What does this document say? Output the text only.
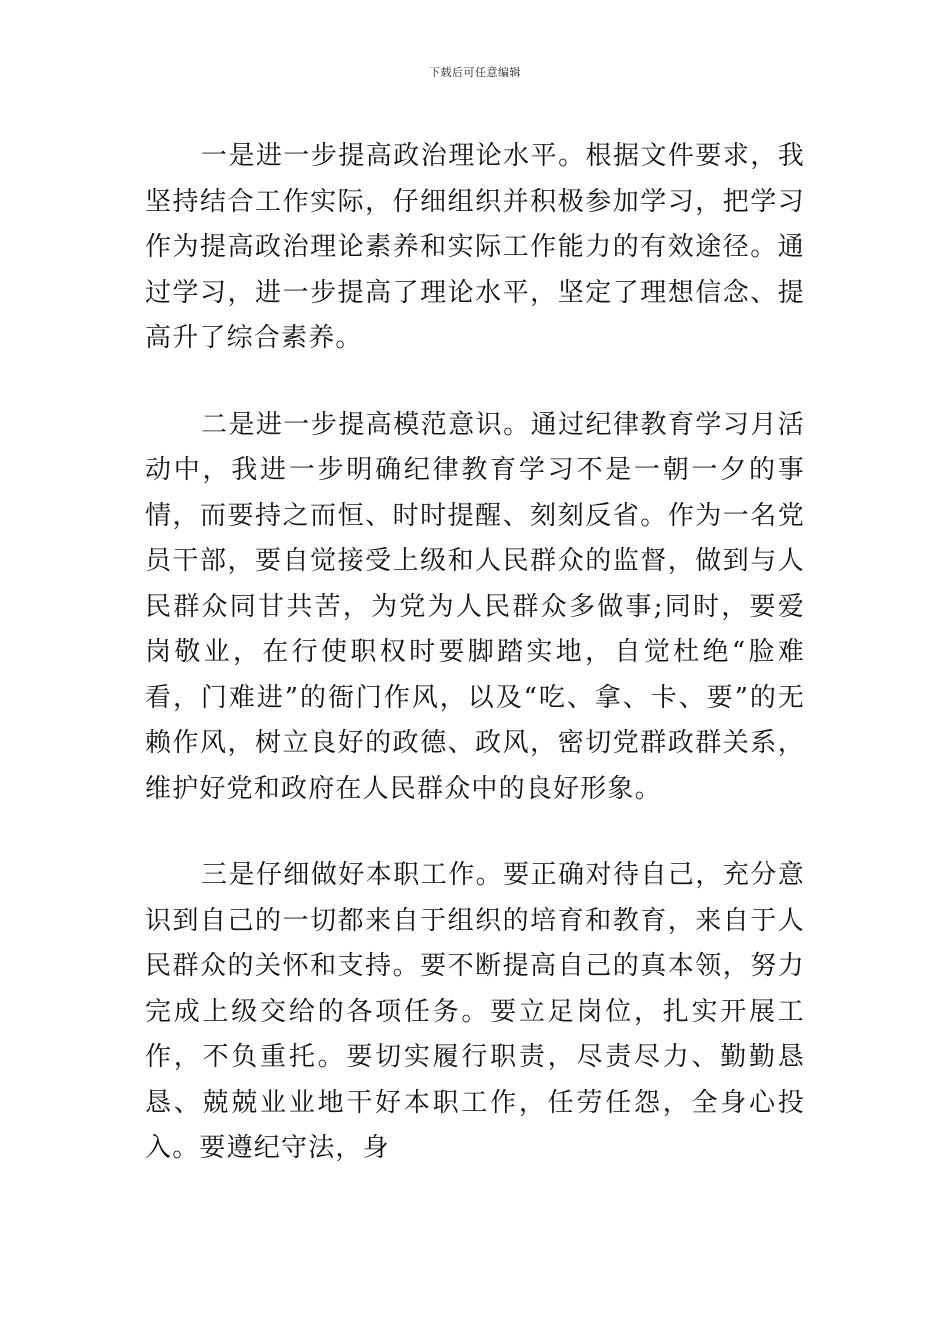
下载后可任意编辑

一是进一步提高政治理论水平。根据文件要求，我坚持结合工作实际，仔细组织并积极参加学习，把学习作为提高政治理论素养和实际工作能力的有效途径。通过学习，进一步提高了理论水平，坚定了理想信念、提高升了综合素养。

二是进一步提高模范意识。通过纪律教育学习月活动中，我进一步明确纪律教育学习不是一朝一夕的事情，而要持之而恒、时时提醒、刻刻反省。作为一名党员干部，要自觉接受上级和人民群众的监督，做到与人民群众同甘共苦，为党为人民群众多做事;同时，要爱岗敬业，在行使职权时要脚踏实地，自觉杜绝“脸难看，门难进”的衙门作风，以及“吃、拿、卡、要”的无赖作风，树立良好的政德、政风，密切党群政群关系，维护好党和政府在人民群众中的良好形象。

三是仔细做好本职工作。要正确对待自己，充分意识到自己的一切都来自于组织的培育和教育，来自于人民群众的关怀和支持。要不断提高自己的真本领，努力完成上级交给的各项任务。要立足岗位，扎实开展工作，不负重托。要切实履行职责，尽责尽力、勤勤恳恳、兢兢业业地干好本职工作，任劳任怨，全身心投入。要遵纪守法，身
